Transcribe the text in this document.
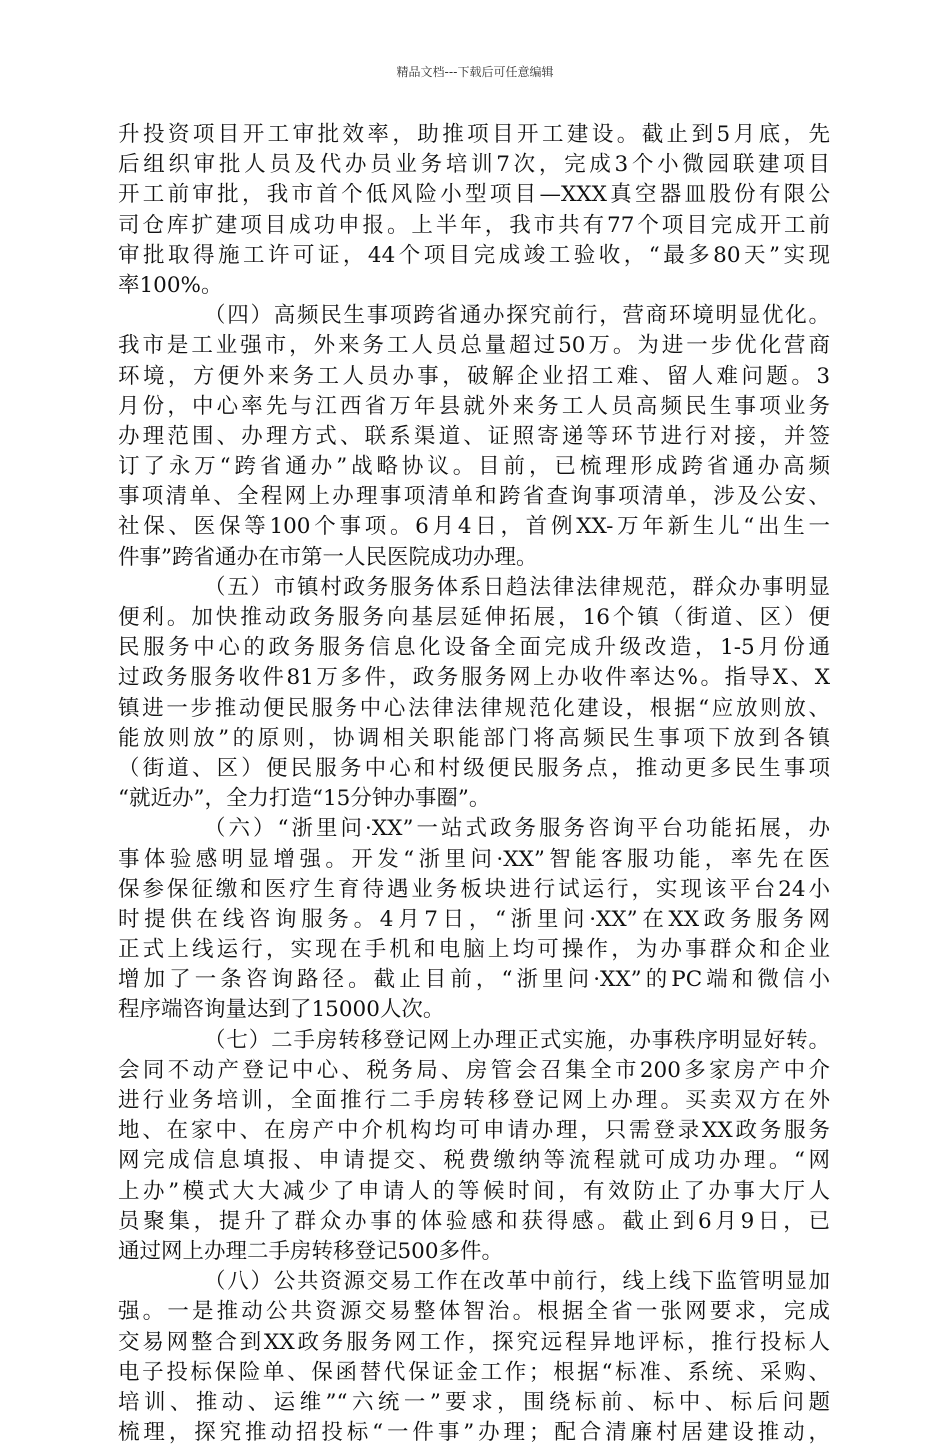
精品文档---下载后可任意编辑
升投资项目开工审批效率，助推项目开工建设。截止到5月底，先
后组织审批人员及代办员业务培训7次，完成3个小微园联建项目
开工前审批，我市首个低风险小型项目—XXX真空器皿股份有限公
司仓库扩建项目成功申报。上半年，我市共有77个项目完成开工前
审批取得施工许可证，44个项目完成竣工验收，“最多80天”实现
率100%。
（四）高频民生事项跨省通办探究前行，营商环境明显优化。
我市是工业强市，外来务工人员总量超过50万。为进一步优化营商
环境，方便外来务工人员办事，破解企业招工难、留人难问题。3
月份，中心率先与江西省万年县就外来务工人员高频民生事项业务
办理范围、办理方式、联系渠道、证照寄递等环节进行对接，并签
订了永万“跨省通办”战略协议。目前，已梳理形成跨省通办高频
事项清单、全程网上办理事项清单和跨省查询事项清单，涉及公安、
社保、医保等100个事项。6月4日，首例XX-万年新生儿“出生一
件事”跨省通办在市第一人民医院成功办理。
（五）市镇村政务服务体系日趋法律法律规范，群众办事明显
便利。加快推动政务服务向基层延伸拓展，16个镇（街道、区）便
民服务中心的政务服务信息化设备全面完成升级改造，1-5月份通
过政务服务收件81万多件，政务服务网上办收件率达%。指导X、X
镇进一步推动便民服务中心法律法律规范化建设，根据“应放则放、
能放则放”的原则，协调相关职能部门将高频民生事项下放到各镇
（街道、区）便民服务中心和村级便民服务点，推动更多民生事项
“就近办”，全力打造“15分钟办事圈”。
（六）“浙里问·XX”一站式政务服务咨询平台功能拓展，办
事体验感明显增强。开发“浙里问·XX”智能客服功能，率先在医
保参保征缴和医疗生育待遇业务板块进行试运行，实现该平台24小
时提供在线咨询服务。4月7日，“浙里问·XX”在XX政务服务网
正式上线运行，实现在手机和电脑上均可操作，为办事群众和企业
增加了一条咨询路径。截止目前，“浙里问·XX”的PC端和微信小
程序端咨询量达到了15000人次。
（七）二手房转移登记网上办理正式实施，办事秩序明显好转。
会同不动产登记中心、税务局、房管会召集全市200多家房产中介
进行业务培训，全面推行二手房转移登记网上办理。买卖双方在外
地、在家中、在房产中介机构均可申请办理，只需登录XX政务服务
网完成信息填报、申请提交、税费缴纳等流程就可成功办理。“网
上办”模式大大减少了申请人的等候时间，有效防止了办事大厅人
员聚集，提升了群众办事的体验感和获得感。截止到6月9日，已
通过网上办理二手房转移登记500多件。
（八）公共资源交易工作在改革中前行，线上线下监管明显加
强。一是推动公共资源交易整体智治。根据全省一张网要求，完成
交易网整合到XX政务服务网工作，探究远程异地评标，推行投标人
电子投标保险单、保函替代保证金工作；根据“标准、系统、采购、
培训、推动、运维”“六统一”要求，围绕标前、标中、标后问题
梳理，探究推动招投标“一件事”办理；配合清廉村居建设推动，
